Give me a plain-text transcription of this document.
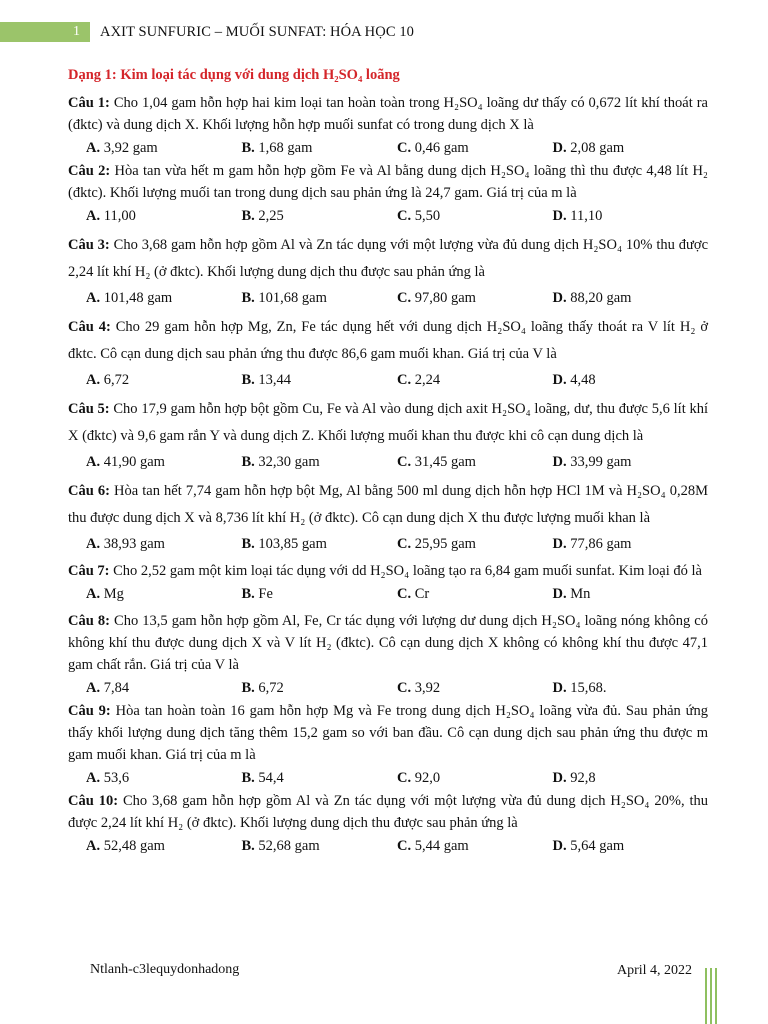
1	AXIT SUNFURIC – MUỐI SUNFAT: HÓA HỌC 10
Dạng 1: Kim loại tác dụng với dung dịch H₂SO₄ loãng
Câu 1: Cho 1,04 gam hỗn hợp hai kim loại tan hoàn toàn trong H₂SO₄ loãng dư thấy có 0,672 lít khí thoát ra (đktc) và dung dịch X. Khối lượng hỗn hợp muối sunfat có trong dung dịch X là
A. 3,92 gam	B. 1,68 gam	C. 0,46 gam	D. 2,08 gam
Câu 2: Hòa tan vừa hết m gam hỗn hợp gồm Fe và Al bằng dung dịch H₂SO₄ loãng thì thu được 4,48 lít H₂ (đktc). Khối lượng muối tan trong dung dịch sau phản ứng là 24,7 gam. Giá trị của m là
A. 11,00	B. 2,25	C. 5,50	D. 11,10
Câu 3: Cho 3,68 gam hỗn hợp gồm Al và Zn tác dụng với một lượng vừa đủ dung dịch H₂SO₄ 10% thu được 2,24 lít khí H₂ (ở đktc). Khối lượng dung dịch thu được sau phản ứng là
A. 101,48 gam	B. 101,68 gam	C. 97,80 gam	D. 88,20 gam
Câu 4: Cho 29 gam hỗn hợp Mg, Zn, Fe tác dụng hết với dung dịch H₂SO₄ loãng thấy thoát ra V lít H₂ ở đktc. Cô cạn dung dịch sau phản ứng thu được 86,6 gam muối khan. Giá trị của V là
A. 6,72	B. 13,44	C. 2,24	D. 4,48
Câu 5: Cho 17,9 gam hỗn hợp bột gồm Cu, Fe và Al vào dung dịch axit H₂SO₄ loãng, dư, thu được 5,6 lít khí X (đktc) và 9,6 gam rắn Y và dung dịch Z. Khối lượng muối khan thu được khi cô cạn dung dịch là
A. 41,90 gam	B. 32,30 gam	C. 31,45 gam	D. 33,99 gam
Câu 6: Hòa tan hết 7,74 gam hỗn hợp bột Mg, Al bằng 500 ml dung dịch hỗn hợp HCl 1M và H₂SO₄ 0,28M thu được dung dịch X và 8,736 lít khí H₂ (ở đktc). Cô cạn dung dịch X thu được lượng muối khan là
A. 38,93 gam	B. 103,85 gam	C. 25,95 gam	D. 77,86 gam
Câu 7: Cho 2,52 gam một kim loại tác dụng với dd H₂SO₄ loãng tạo ra 6,84 gam muối sunfat. Kim loại đó là
A. Mg	B. Fe	C. Cr	D. Mn
Câu 8: Cho 13,5 gam hỗn hợp gồm Al, Fe, Cr tác dụng với lượng dư dung dịch H₂SO₄ loãng nóng không có không khí thu được dung dịch X và V lít H₂ (đktc). Cô cạn dung dịch X không có không khí thu được 47,1 gam chất rắn. Giá trị của V là
A. 7,84	B. 6,72	C. 3,92	D. 15,68.
Câu 9: Hòa tan hoàn toàn 16 gam hỗn hợp Mg và Fe trong dung dịch H₂SO₄ loãng vừa đủ. Sau phản ứng thấy khối lượng dung dịch tăng thêm 15,2 gam so với ban đầu. Cô cạn dung dịch sau phản ứng thu được m gam muối khan. Giá trị của m là
A. 53,6	B. 54,4	C. 92,0	D. 92,8
Câu 10: Cho 3,68 gam hỗn hợp gồm Al và Zn tác dụng với một lượng vừa đủ dung dịch H₂SO₄ 20%, thu được 2,24 lít khí H₂ (ở đktc). Khối lượng dung dịch thu được sau phản ứng là
A. 52,48 gam	B. 52,68 gam	C. 5,44 gam	D. 5,64 gam
Ntlanh-c3lequydonhadong	April 4, 2022
